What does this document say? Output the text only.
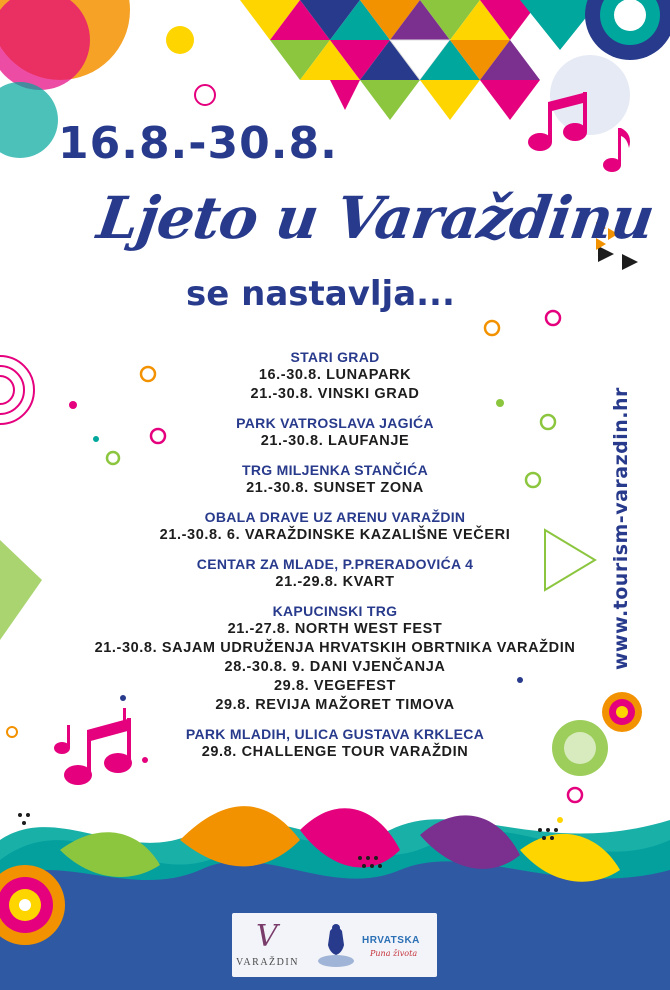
16.8.-30.8.
Ljeto u Varaždinu
se nastavlja...
www.tourism-varazdin.hr
STARI GRAD
16.-30.8. LUNAPARK
21.-30.8. VINSKI GRAD
PARK VATROSLAVA JAGIĆA
21.-30.8. LAUFANJE
TRG MILJENKA STANČIĆA
21.-30.8. SUNSET ZONA
OBALA DRAVE UZ ARENU VARAŽDIN
21.-30.8. 6. VARAŽDINSKE KAZALIŠNE VEČERI
CENTAR ZA MLADE, P.PRERADOVIĆA 4
21.-29.8. KVART
KAPUCINSKI TRG
21.-27.8. NORTH WEST FEST
21.-30.8. SAJAM UDRUŽENJA HRVATSKIH OBRTNIKA VARAŽDIN
28.-30.8. 9. DANI VJENČANJA
29.8. VEGEFEST
29.8. REVIJA MAŽORET TIMOVA
PARK MLADIH, ULICA GUSTAVA KRKLECA
29.8. CHALLENGE TOUR VARAŽDIN
V
VARAŽDIN
HRVATSKA
Puna života
